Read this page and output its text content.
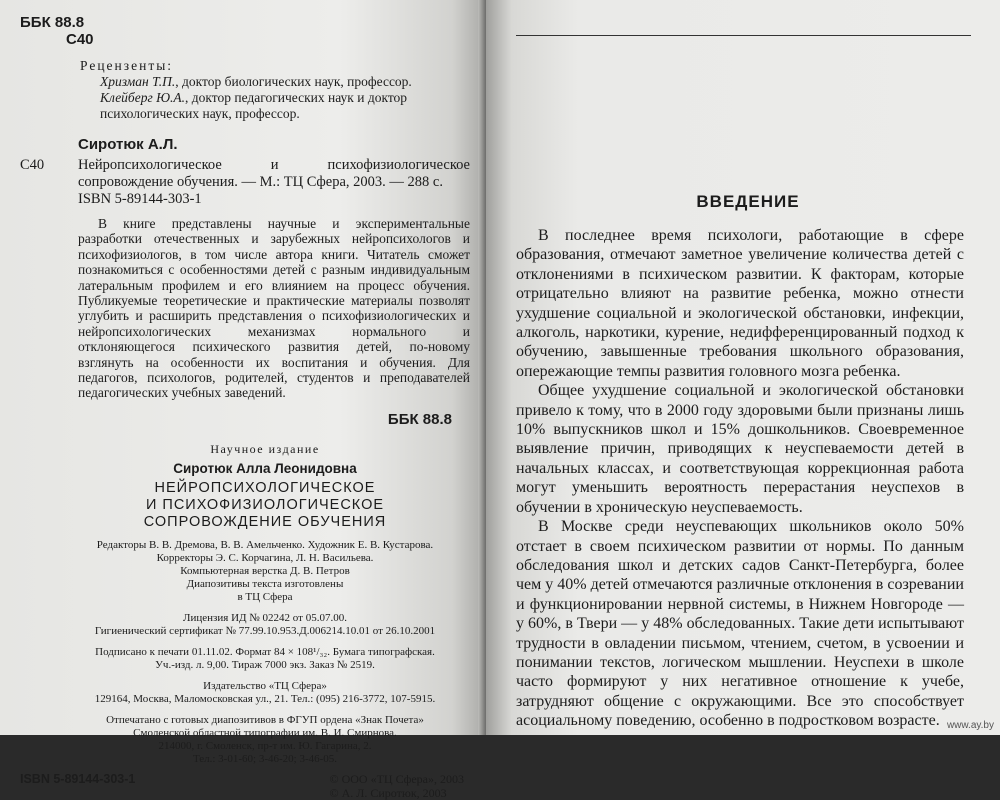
ББК 88.8
С40
Рецензенты:
Хризман Т.П., доктор биологических наук, профессор.
Клейберг Ю.А., доктор педагогических наук и доктор психологических наук, профессор.
Сиротюк А.Л.
С40	Нейропсихологическое и психофизиологическое сопровождение обучения. — М.: ТЦ Сфера, 2003. — 288 с.
ISBN 5-89144-303-1
В книге представлены научные и экспериментальные разработки отечественных и зарубежных нейропсихологов и психофизиологов, в том числе автора книги. Читатель сможет познакомиться с особенностями детей с разным индивидуальным латеральным профилем и его влиянием на процесс обучения. Публикуемые теоретические и практические материалы позволят углубить и расширить представления о психофизиологических и нейропсихологических механизмах нормального и отклоняющегося психического развития детей, по-новому взглянуть на особенности их воспитания и обучения. Для педагогов, психологов, родителей, студентов и преподавателей педагогических учебных заведений.
ББК 88.8
Научное издание
Сиротюк Алла Леонидовна
НЕЙРОПСИХОЛОГИЧЕСКОЕ
И ПСИХОФИЗИОЛОГИЧЕСКОЕ
СОПРОВОЖДЕНИЕ ОБУЧЕНИЯ
Редакторы В. В. Дремова, В. В. Амельченко. Художник Е. В. Кустарова.
Корректоры Э. С. Корчагина, Л. Н. Васильева.
Компьютерная верстка Д. В. Петров
Диапозитивы текста изготовлены
в ТЦ Сфера
Лицензия ИД № 02242 от 05.07.00.
Гигиенический сертификат № 77.99.10.953.Д.006214.10.01 от 26.10.2001
Подписано к печати 01.11.02. Формат 84 × 108¹/₃₂. Бумага типографская.
Уч.-изд. л. 9,00. Тираж 7000 экз. Заказ № 2519.
Издательство «ТЦ Сфера»
129164, Москва, Маломосковская ул., 21. Тел.: (095) 216-3772, 107-5915.
Отпечатано с готовых диапозитивов в ФГУП ордена «Знак Почета»
Смоленской областной типографии им. В. И. Смирнова.
214000, г. Смоленск, пр-т им. Ю. Гагарина, 2.
Тел.: 3-01-60; 3-46-20; 3-46-05.
ISBN 5-89144-303-1	© ООО «ТЦ Сфера», 2003
© А. Л. Сиротюк, 2003
ВВЕДЕНИЕ

В последнее время психологи, работающие в сфере образования, отмечают заметное увеличение количества детей с отклонениями в психическом развитии. К факторам, которые отрицательно влияют на развитие ребенка, можно отнести ухудшение социальной и экологической обстановки, инфекции, алкоголь, наркотики, курение, недифференцированный подход к обучению, завышенные требования школьного образования, опережающие темпы развития головного мозга ребенка.

Общее ухудшение социальной и экологической обстановки привело к тому, что в 2000 году здоровыми были признаны лишь 10% выпускников школ и 15% дошкольников. Своевременное выявление причин, приводящих к неуспеваемости детей в начальных классах, и соответствующая коррекционная работа могут уменьшить вероятность перерастания неуспехов в обучении в хроническую неуспеваемость.

В Москве среди неуспевающих школьников около 50% отстает в своем психическом развитии от нормы. По данным обследования школ и детских садов Санкт-Петербурга, более чем у 40% детей отмечаются различные отклонения в созревании и функционировании нервной системы, в Нижнем Новгороде — у 60%, в Твери — у 48% обследованных. Такие дети испытывают трудности в овладении письмом, чтением, счетом, в усвоении и понимании текстов, логическом мышлении. Неуспехи в школе часто формируют у них негативное отношение к учебе, затрудняют общение с окружающими. Все это способствует асоциальному поведению, особенно в подростковом возрасте. www.ay.by
